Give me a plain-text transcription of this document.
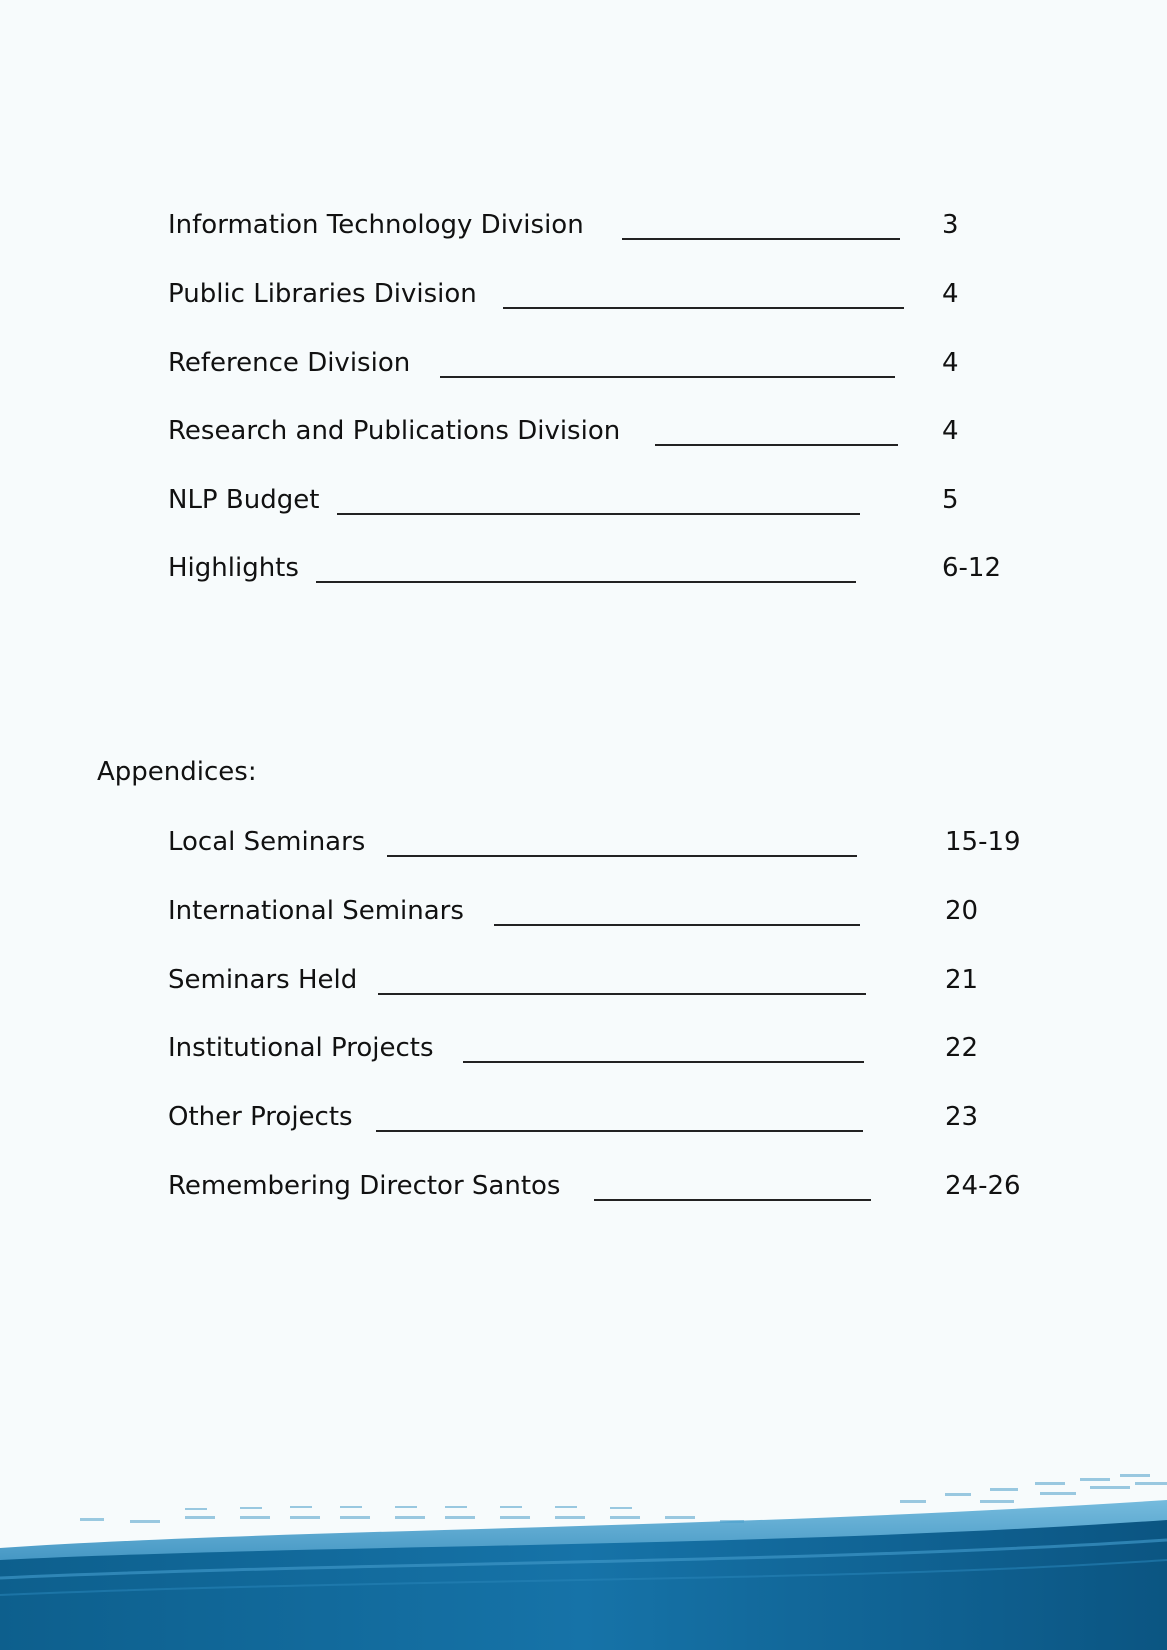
Information Technology Division	3
Public Libraries Division	4
Reference Division	4
Research and Publications Division	4
NLP Budget	5
Highlights	6-12
Appendices:
Local Seminars	15-19
International Seminars	20
Seminars Held	21
Institutional Projects	22
Other Projects	23
Remembering Director Santos	24-26
